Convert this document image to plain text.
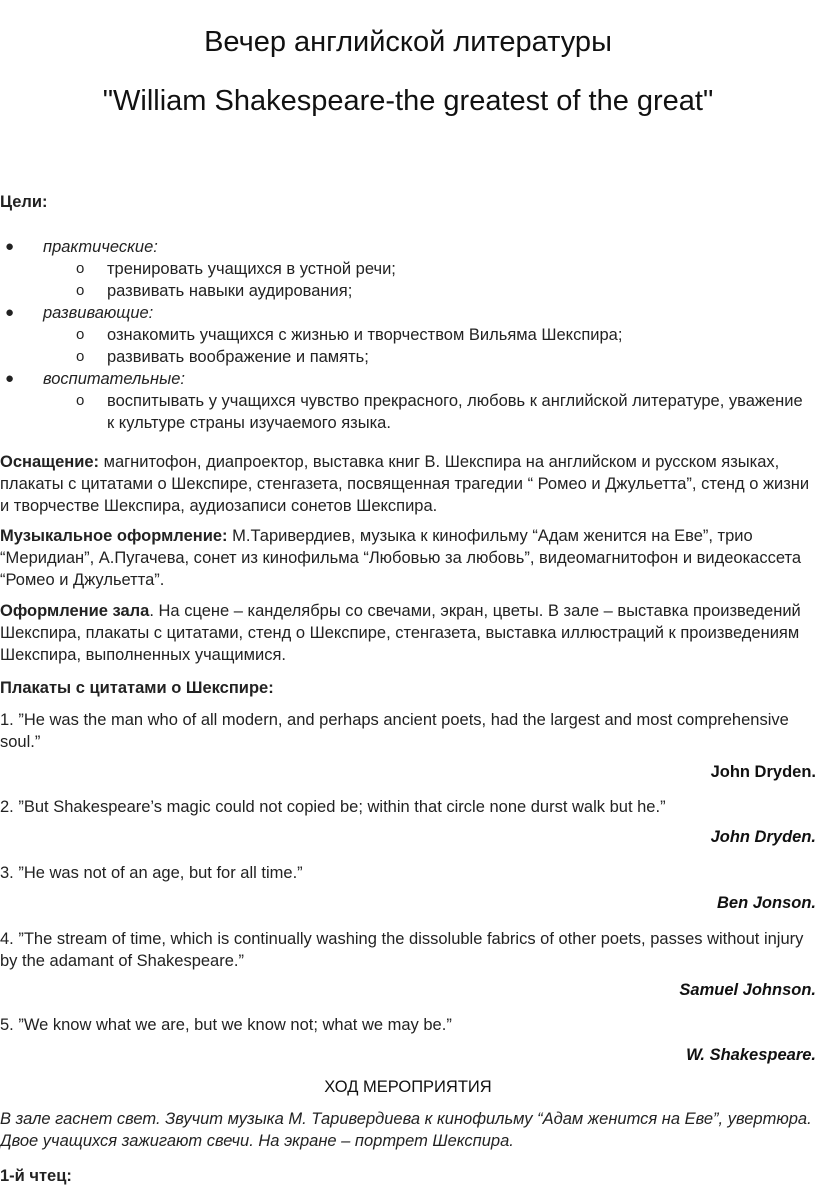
Вечер английской литературы
"William Shakespeare-the greatest of the great"
Цели:
● практические:
o тренировать учащихся в устной речи;
o развивать навыки аудирования;
● развивающие:
o ознакомить учащихся с жизнью и творчеством Вильяма Шекспира;
o развивать воображение и память;
● воспитательные:
o воспитывать у учащихся чувство прекрасного, любовь к английской литературе, уважение к культуре страны изучаемого языка.
Оснащение: магнитофон, диапроектор, выставка книг В. Шекспира на английском и русском языках, плакаты с цитатами о Шекспире, стенгазета, посвященная трагедии “ Ромео и Джульетта”, стенд о жизни и творчестве Шекспира, аудиозаписи сонетов Шекспира.
Музыкальное оформление: М.Таривердиев, музыка к кинофильму “Адам женится на Еве”, трио “Меридиан”, А.Пугачева, сонет из кинофильма “Любовью за любовь”, видеомагнитофон и видеокассета “Ромео и Джульетта”.
Оформление зала. На сцене – канделябры со свечами, экран, цветы. В зале – выставка произведений Шекспира, плакаты с цитатами, стенд о Шекспире, стенгазета, выставка иллюстраций к произведениям Шекспира, выполненных учащимися.
Плакаты с цитатами о Шекспире:
1. ”He was the man who of all modern, and perhaps ancient poets, had the largest and most comprehensive soul.”
John Dryden.
2. ”But Shakespeare’s magic could not copied be; within that circle none durst walk but he.”
John Dryden.
3. ”He was not of an age, but for all time.”
Ben Jonson.
4. ”The stream of time, which is continually washing the dissoluble fabrics of other poets, passes without injury by the adamant of Shakespeare.”
Samuel Johnson.
5. ”We know what we are, but we know not; what we may be.”
W. Shakespeare.
ХОД МЕРОПРИЯТИЯ
В зале гаснет свет. Звучит музыка М. Таривердиева к кинофильму “Адам женится на Еве”, увертюра. Двое учащихся зажигают свечи. На экране – портрет Шекспира.
1-й чтец:
